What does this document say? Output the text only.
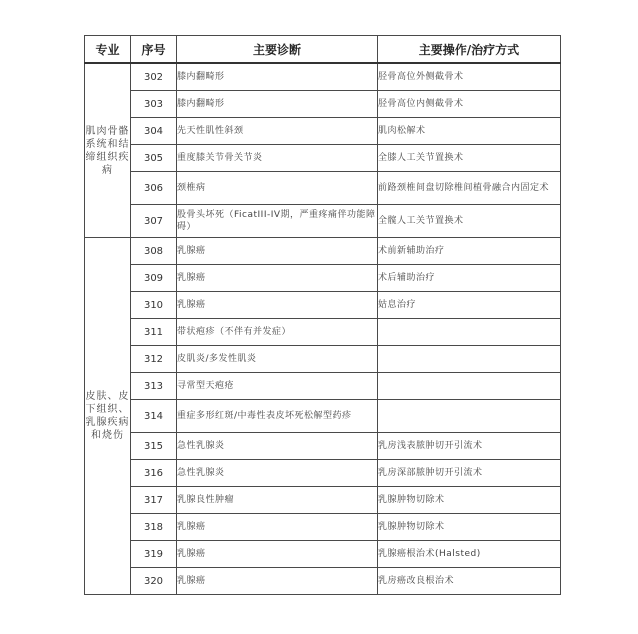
专业	序号	主要诊断	主要操作/治疗方式
肌肉骨骼系统和结缔组织疾病	302	膝内翻畸形	胫骨高位外侧截骨术
	303	膝内翻畸形	胫骨高位内侧截骨术
	304	先天性肌性斜颈	肌肉松解术
	305	重度膝关节骨关节炎	全膝人工关节置换术
	306	颈椎病	前路颈椎间盘切除椎间植骨融合内固定术
	307	股骨头坏死（FicatIII-IV期，严重疼痛伴功能障碍）	全髋人工关节置换术
皮肤、皮下组织、乳腺疾病和烧伤	308	乳腺癌	术前新辅助治疗
	309	乳腺癌	术后辅助治疗
	310	乳腺癌	姑息治疗
	311	带状疱疹（不伴有并发症）	
	312	皮肌炎/多发性肌炎	
	313	寻常型天疱疮	
	314	重症多形红斑/中毒性表皮坏死松解型药疹	
	315	急性乳腺炎	乳房浅表脓肿切开引流术
	316	急性乳腺炎	乳房深部脓肿切开引流术
	317	乳腺良性肿瘤	乳腺肿物切除术
	318	乳腺癌	乳腺肿物切除术
	319	乳腺癌	乳腺癌根治术(Halsted)
	320	乳腺癌	乳房癌改良根治术
